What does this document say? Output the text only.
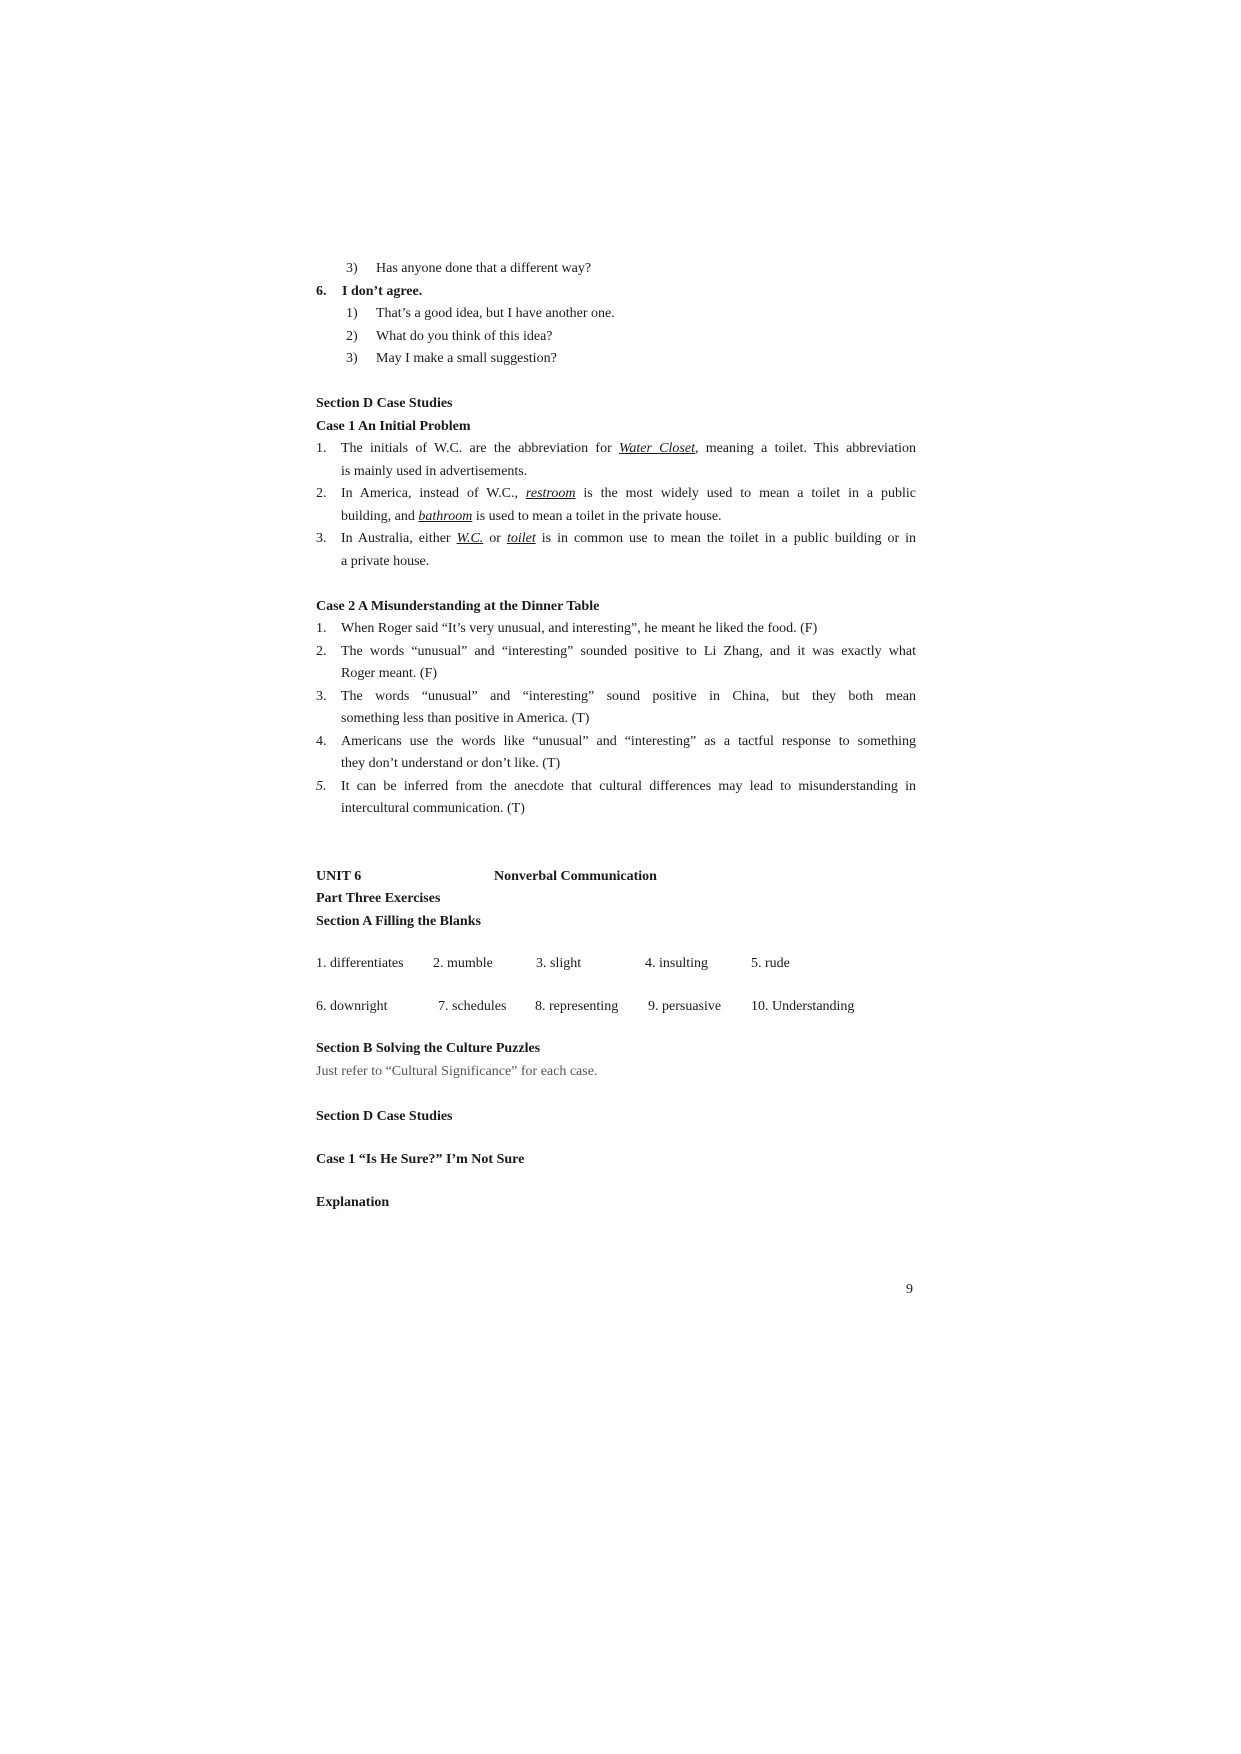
3) Has anyone done that a different way?
6. I don’t agree.
1) That’s a good idea, but I have another one.
2) What do you think of this idea?
3) May I make a small suggestion?
Section D Case Studies
Case 1 An Initial Problem
1. The initials of W.C. are the abbreviation for Water Closet, meaning a toilet. This abbreviation
is mainly used in advertisements.
2. In America, instead of W.C., restroom is the most widely used to mean a toilet in a public
building, and bathroom is used to mean a toilet in the private house.
3. In Australia, either W.C. or toilet is in common use to mean the toilet in a public building or in
a private house.
Case 2 A Misunderstanding at the Dinner Table
1. When Roger said “It’s very unusual, and interesting”, he meant he liked the food. (F)
2. The words “unusual” and “interesting” sounded positive to Li Zhang, and it was exactly what
Roger meant. (F)
3. The words “unusual” and “interesting” sound positive in China, but they both mean
something less than positive in America. (T)
4. Americans use the words like “unusual” and “interesting” as a tactful response to something
they don’t understand or don’t like. (T)
5. It can be inferred from the anecdote that cultural differences may lead to misunderstanding in
intercultural communication. (T)
UNIT 6	Nonverbal Communication
Part Three Exercises
Section A Filling the Blanks
1. differentiates 2. mumble	3. slight	4. insulting	5. rude
6. downright	7. schedules 8. representing 9. persuasive 10. Understanding
Section B Solving the Culture Puzzles
Just refer to “Cultural Significance” for each case.
Section D Case Studies
Case 1 “Is He Sure?” I’m Not Sure
Explanation
9
